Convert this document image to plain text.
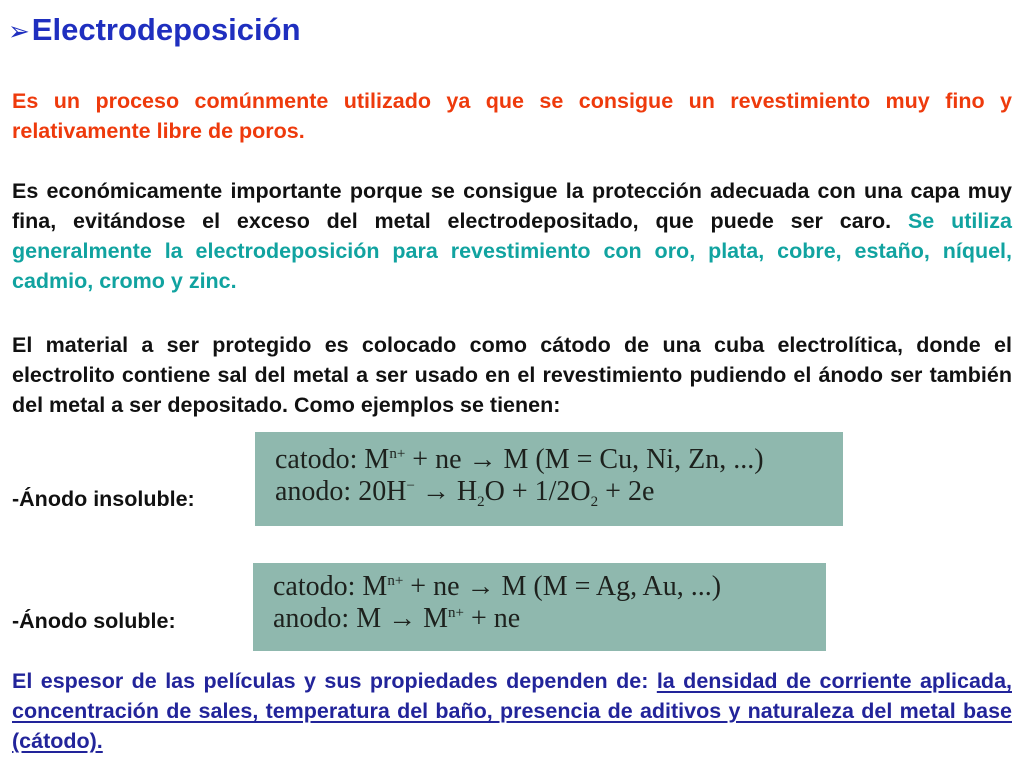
➢Electrodeposición

Es un proceso comúnmente utilizado ya que se consigue un revestimiento muy fino y relativamente libre de poros.

Es económicamente importante porque se consigue la protección adecuada con una capa muy fina, evitándose el exceso del metal electrodepositado, que puede ser caro. Se utiliza generalmente la electrodeposición para revestimiento con oro, plata, cobre, estaño, níquel, cadmio, cromo y zinc.

El material a ser protegido es colocado como cátodo de una cuba electrolítica, donde el electrolito contiene sal del metal a ser usado en el revestimiento pudiendo el ánodo ser también del metal a ser depositado. Como ejemplos se tienen:

catodo: $M^{n+}$ + ne → M (M = Cu, Ni, Zn, ...)
anodo: $20H^- \to H_2O + 1/2O_2 + 2e$

-Ánodo insoluble:

catodo: $M^{n+}$ + ne → M (M = Ag, Au, ...)
anodo: $M \to M^{n+}$ + ne

-Ánodo soluble:

El espesor de las películas y sus propiedades dependen de: la densidad de corriente aplicada, concentración de sales, temperatura del baño, presencia de aditivos y naturaleza del metal base (cátodo).
